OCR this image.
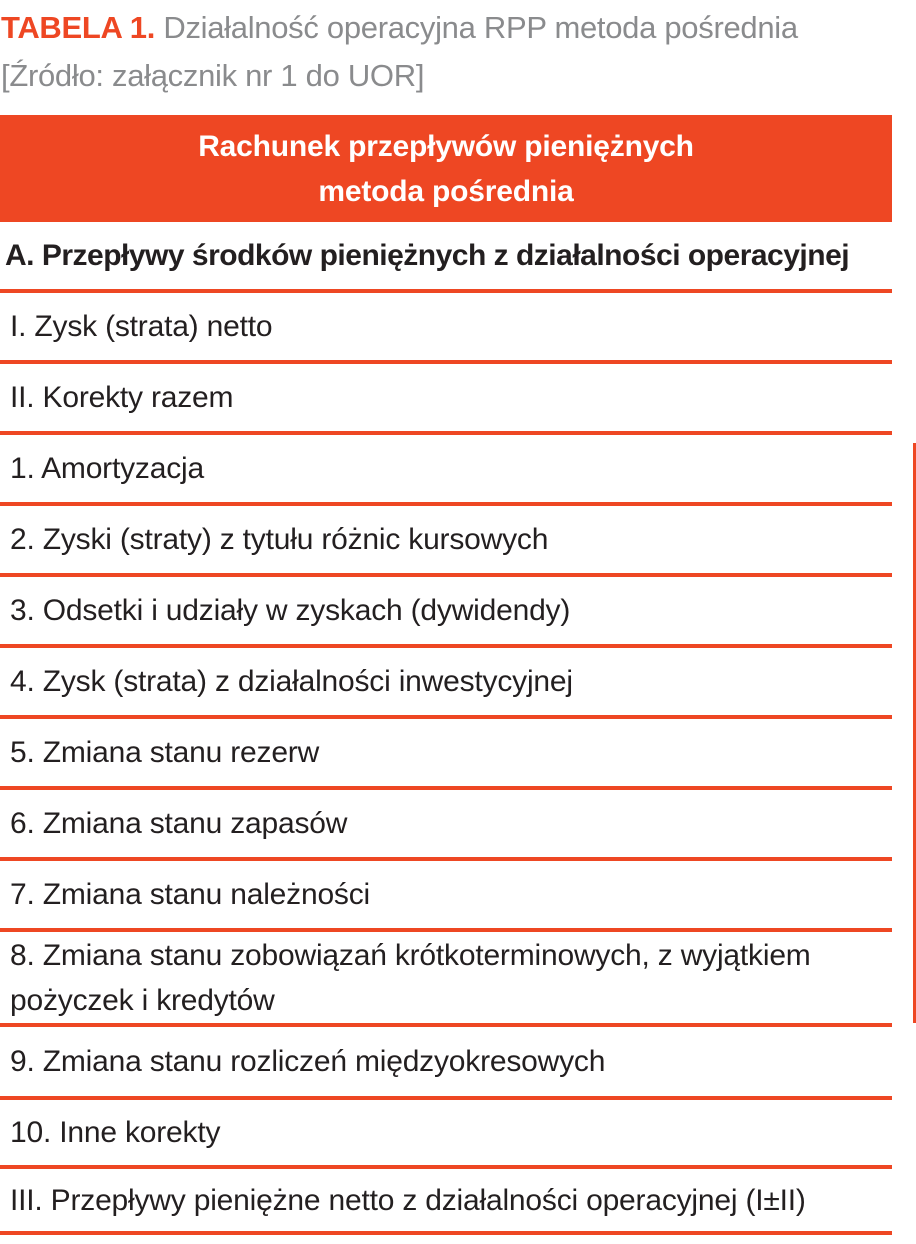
TABELA 1. Działalność operacyjna RPP metoda pośrednia
[Źródło: załącznik nr 1 do UOR]
Rachunek przepływów pieniężnych
metoda pośrednia
A. Przepływy środków pieniężnych z działalności operacyjnej
I. Zysk (strata) netto
II. Korekty razem
1. Amortyzacja
2. Zyski (straty) z tytułu różnic kursowych
3. Odsetki i udziały w zyskach (dywidendy)
4. Zysk (strata) z działalności inwestycyjnej
5. Zmiana stanu rezerw
6. Zmiana stanu zapasów
7. Zmiana stanu należności
8. Zmiana stanu zobowiązań krótkoterminowych, z wyjątkiem pożyczek i kredytów
9. Zmiana stanu rozliczeń międzyokresowych
10. Inne korekty
III. Przepływy pieniężne netto z działalności operacyjnej (I±II)
